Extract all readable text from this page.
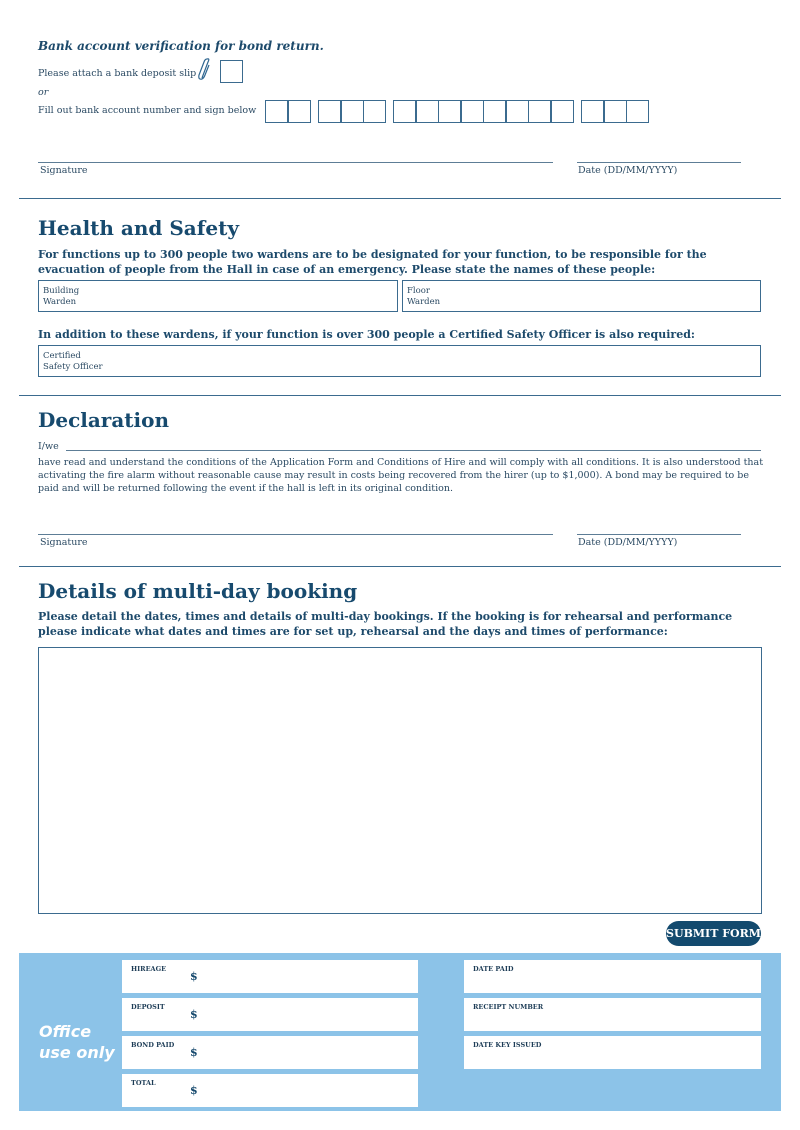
Bank account verification for bond return.
Please attach a bank deposit slip
or
Fill out bank account number and sign below
Signature	Date (DD/MM/YYYY)
Health and Safety
For functions up to 300 people two wardens are to be designated for your function, to be responsible for the evacuation of people from the Hall in case of an emergency. Please state the names of these people:
Building
Warden
Floor
Warden
In addition to these wardens, if your function is over 300 people a Certified Safety Officer is also required:
Certified
Safety Officer
Declaration
I/we
have read and understand the conditions of the Application Form and Conditions of Hire and will comply with all conditions. It is also understood that activating the fire alarm without reasonable cause may result in costs being recovered from the hirer (up to $1,000). A bond may be required to be paid and will be returned following the event if the hall is left in its original condition.
Signature	Date (DD/MM/YYYY)
Details of multi-day booking
Please detail the dates, times and details of multi-day bookings. If the booking is for rehearsal and performance please indicate what dates and times are for set up, rehearsal and the days and times of performance:
SUBMIT FORM
Office use only
HIREAGE
$
DEPOSIT
$
BOND PAID
$
TOTAL
$
DATE PAID
RECEIPT NUMBER
DATE KEY ISSUED
